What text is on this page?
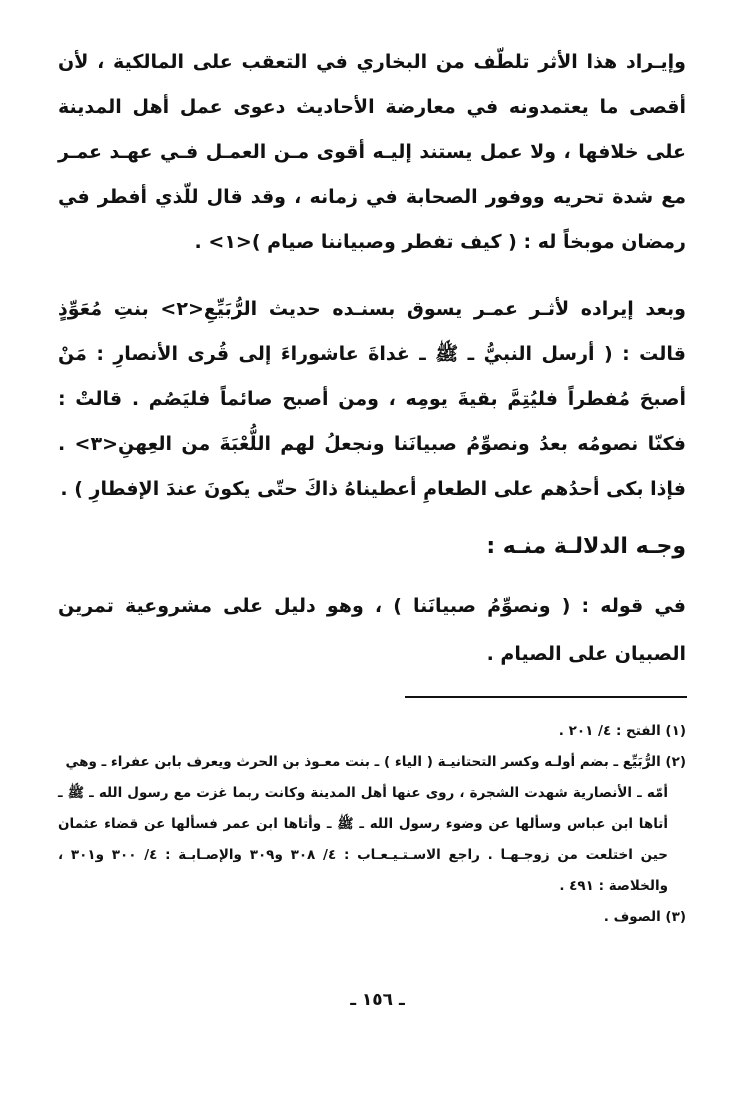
وإيـراد هذا الأثر تلطّف من البخاري في التعقب على المالكية ، لأن أقصى ما يعتمدونه في معارضة الأحاديث دعوى عمل أهل المدينة على خلافها ، ولا عمل يستند إليـه أقوى مـن العمـل فـي عهـد عمـر مع شدة تحريه ووفور الصحابة في زمانه ، وقد قال للّذي أفطر في رمضان موبخاً له : ( كيف تفطر وصبياننا صيام )<١> .

وبعد إيراده لأثـر عمـر يسوق بسنـده حديث الرُّبَيِّعِ<٢> بنتِ مُعَوِّذٍ قالت : ( أرسل النبيُّ ـ ﷺ ـ غداةَ عاشوراءَ إلى قُرى الأنصارِ : مَنْ أصبحَ مُفطراً فليُتِمَّ بقيةَ يومِه ، ومن أصبح صائماً فليَصُم . قالتْ : فكنّا نصومُه بعدُ ونصوِّمُ صبيانَنا ونجعلُ لهم اللُّعْبَةَ من العِهنِ<٣> . فإذا بكى أحدُهم على الطعامِ أعطيناهُ ذاكَ حتّى يكونَ عندَ الإفطارِ ) .

وجـه الدلالـة منـه :

في قوله : ( ونصوِّمُ صبيانَنا ) ، وهو دليل على مشروعية تمرين الصبيان على الصيام .

(١) الفتح : ٤/ ٢٠١ .

(٢) الرُّبَيِّع ـ بضم أولـه وكسر التحتانيـة ( الياء ) ـ بنت معـوذ بن الحرث ويعرف بابن عفراء ـ وهي

أمّه ـ الأنصارية شهدت الشجرة ، روى عنها أهل المدينة وكانت ربما غزت مع رسول الله ـ ﷺ ـ أتاها ابن عباس وسألها عن وضوء رسول الله ـ ﷺ ـ وأتاها ابن عمر فسألها عن قضاء عثمان حين اختلعت من زوجـهـا . راجع الاسـتـيـعـاب : ٤/ ٣٠٨ و٣٠٩ والإصـابـة : ٤/ ٣٠٠ و٣٠١ ، والخلاصة : ٤٩١ .

(٣) الصوف .

ـ ١٥٦ ـ
